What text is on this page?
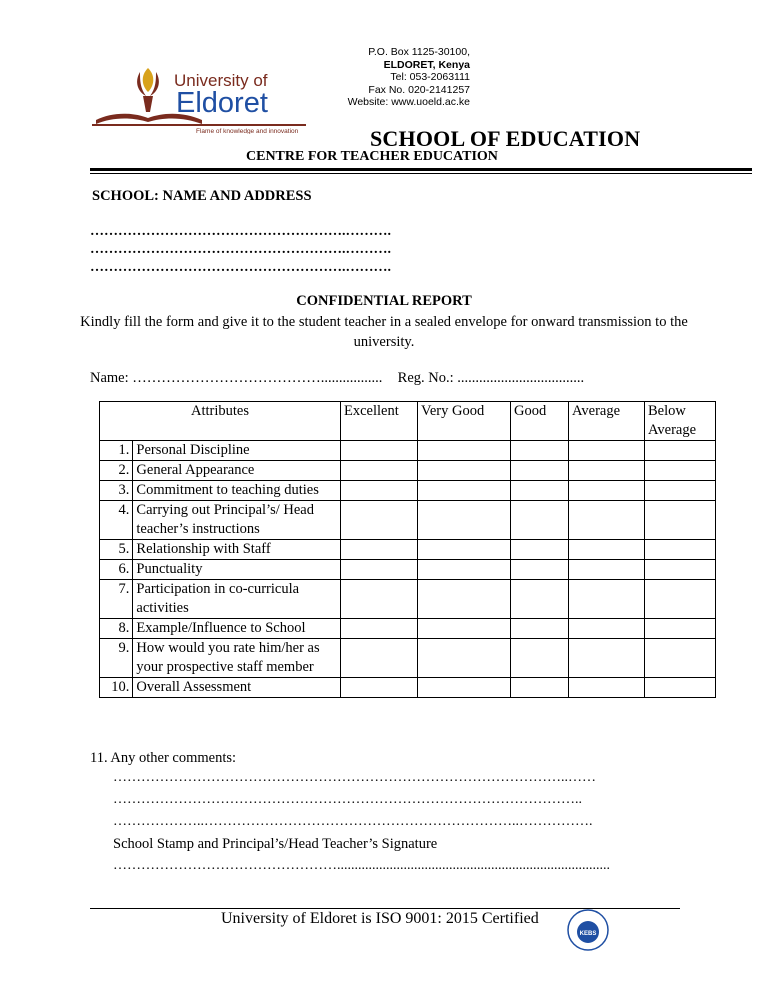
P.O. Box 1125-30100,
ELDORET, Kenya
Tel: 053-2063111
Fax No. 020-2141257
Website: www.uoeld.ac.ke
University of
Eldoret
Flame of knowledge and innovation	SCHOOL OF EDUCATION
CENTRE FOR TEACHER EDUCATION
SCHOOL: NAME AND ADDRESS
……………………………………………….……….
……………………………………………….……….
……………………………………………….……….
CONFIDENTIAL REPORT
Kindly fill the form and give it to the student teacher in a sealed envelope for onward transmission to the university.
Name: …………………………………................. Reg. No.: ...................................
Attributes		Excellent	Very Good	Good	Average	Below Average
1.	Personal Discipline					
2.	General Appearance					
3.	Commitment to teaching duties					
4.	Carrying out Principal’s/ Head teacher’s instructions					
5.	Relationship with Staff					
6.	Punctuality					
7.	Participation in co-curricula activities					
8.	Example/Influence to School					
9.	How would you rate him/her as your prospective staff member					
10.	Overall Assessment					
11. Any other comments:
……………………………………………………………………………………..……
………………………………………………………………………………………..
………………..…………………………………………………………..…………….
School Stamp and Principal’s/Head Teacher’s Signature
…………………………………………..............................................................................
University of Eldoret is ISO 9001: 2015 Certified
KEBS
